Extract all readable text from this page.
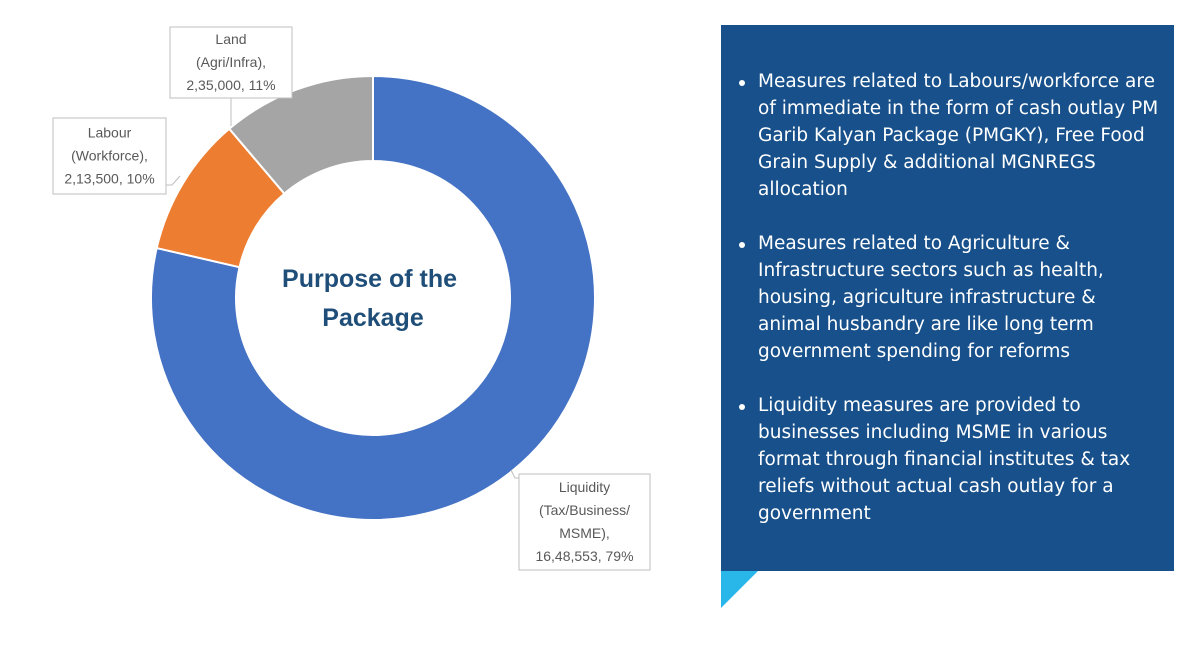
Liquidity
(Tax/Business/
MSME),
16,48,553, 79%
Labour
(Workforce),
2,13,500, 10%
Land
(Agri/Infra),
2,35,000, 11%
Purpose of the Package
Measures related to Labours/workforce are of immediate in the form of cash outlay PM Garib Kalyan Package (PMGKY), Free Food Grain Supply & additional MGNREGS allocation
Measures related to Agriculture & Infrastructure sectors such as health, housing, agriculture infrastructure & animal husbandry are like long term government spending for reforms
Liquidity measures are provided to businesses including MSME in various format through financial institutes & tax reliefs without actual cash outlay for a government
